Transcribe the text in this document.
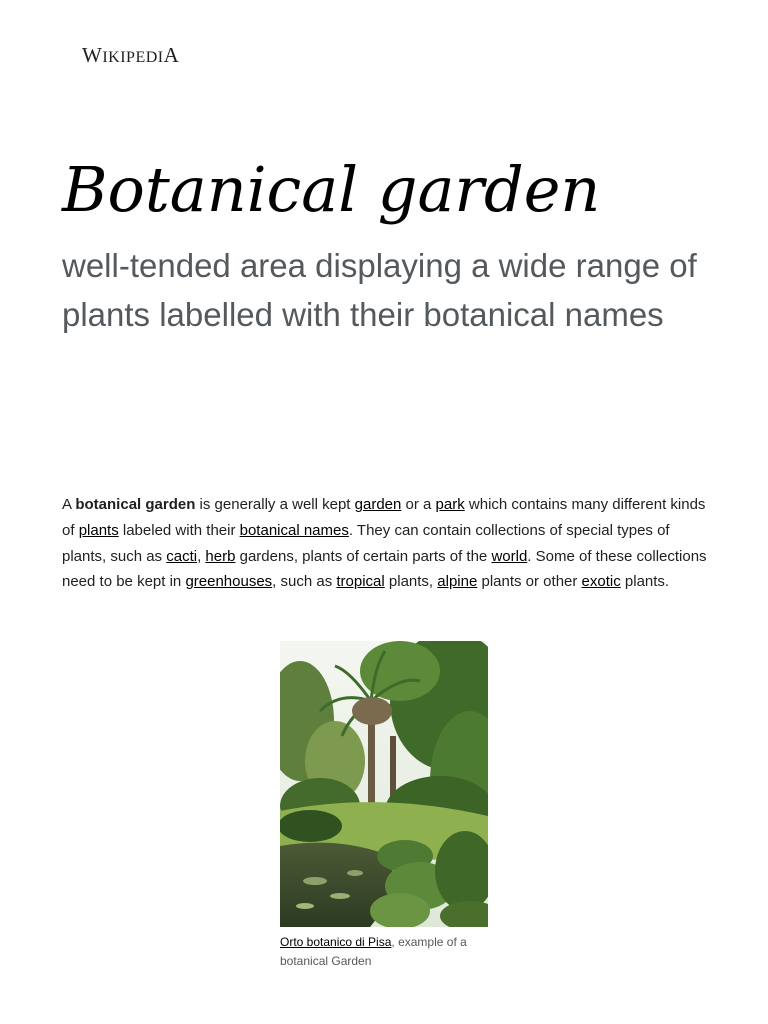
WIKIPEDIA
Botanical garden

well-tended area displaying a wide range of plants labelled with their botanical names

A botanical garden is generally a well kept garden or a park which contains many different kinds of plants labeled with their botanical names. They can contain collections of special types of plants, such as cacti, herb gardens, plants of certain parts of the world. Some of these collections need to be kept in greenhouses, such as tropical plants, alpine plants or other exotic plants.

Orto botanico di Pisa, example of a botanical Garden
